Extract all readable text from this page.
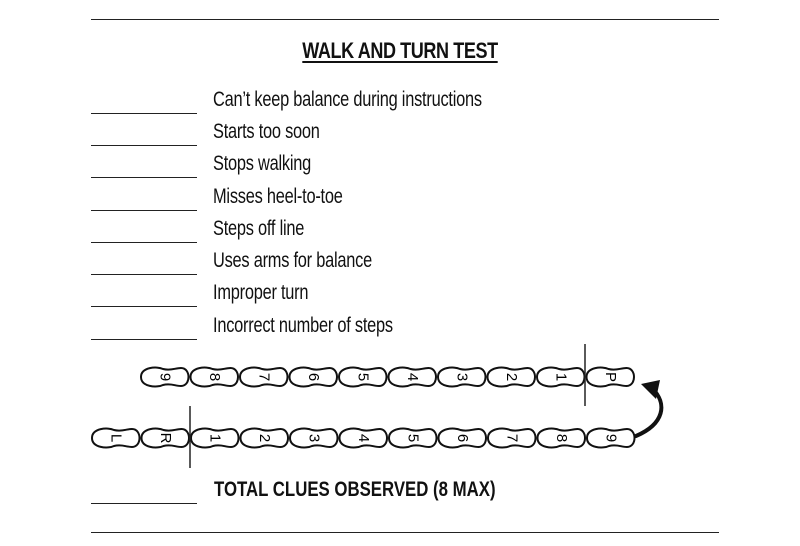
WALK AND TURN TEST
Can’t keep balance during instructions
Starts too soon
Stops walking
Misses heel-to-toe
Steps off line
Uses arms for balance
Improper turn
Incorrect number of steps
9 8 7 6 5 4 3 2 1 P
L R 1 2 3 4 5 6 7 8 9
TOTAL CLUES OBSERVED (8 MAX)
